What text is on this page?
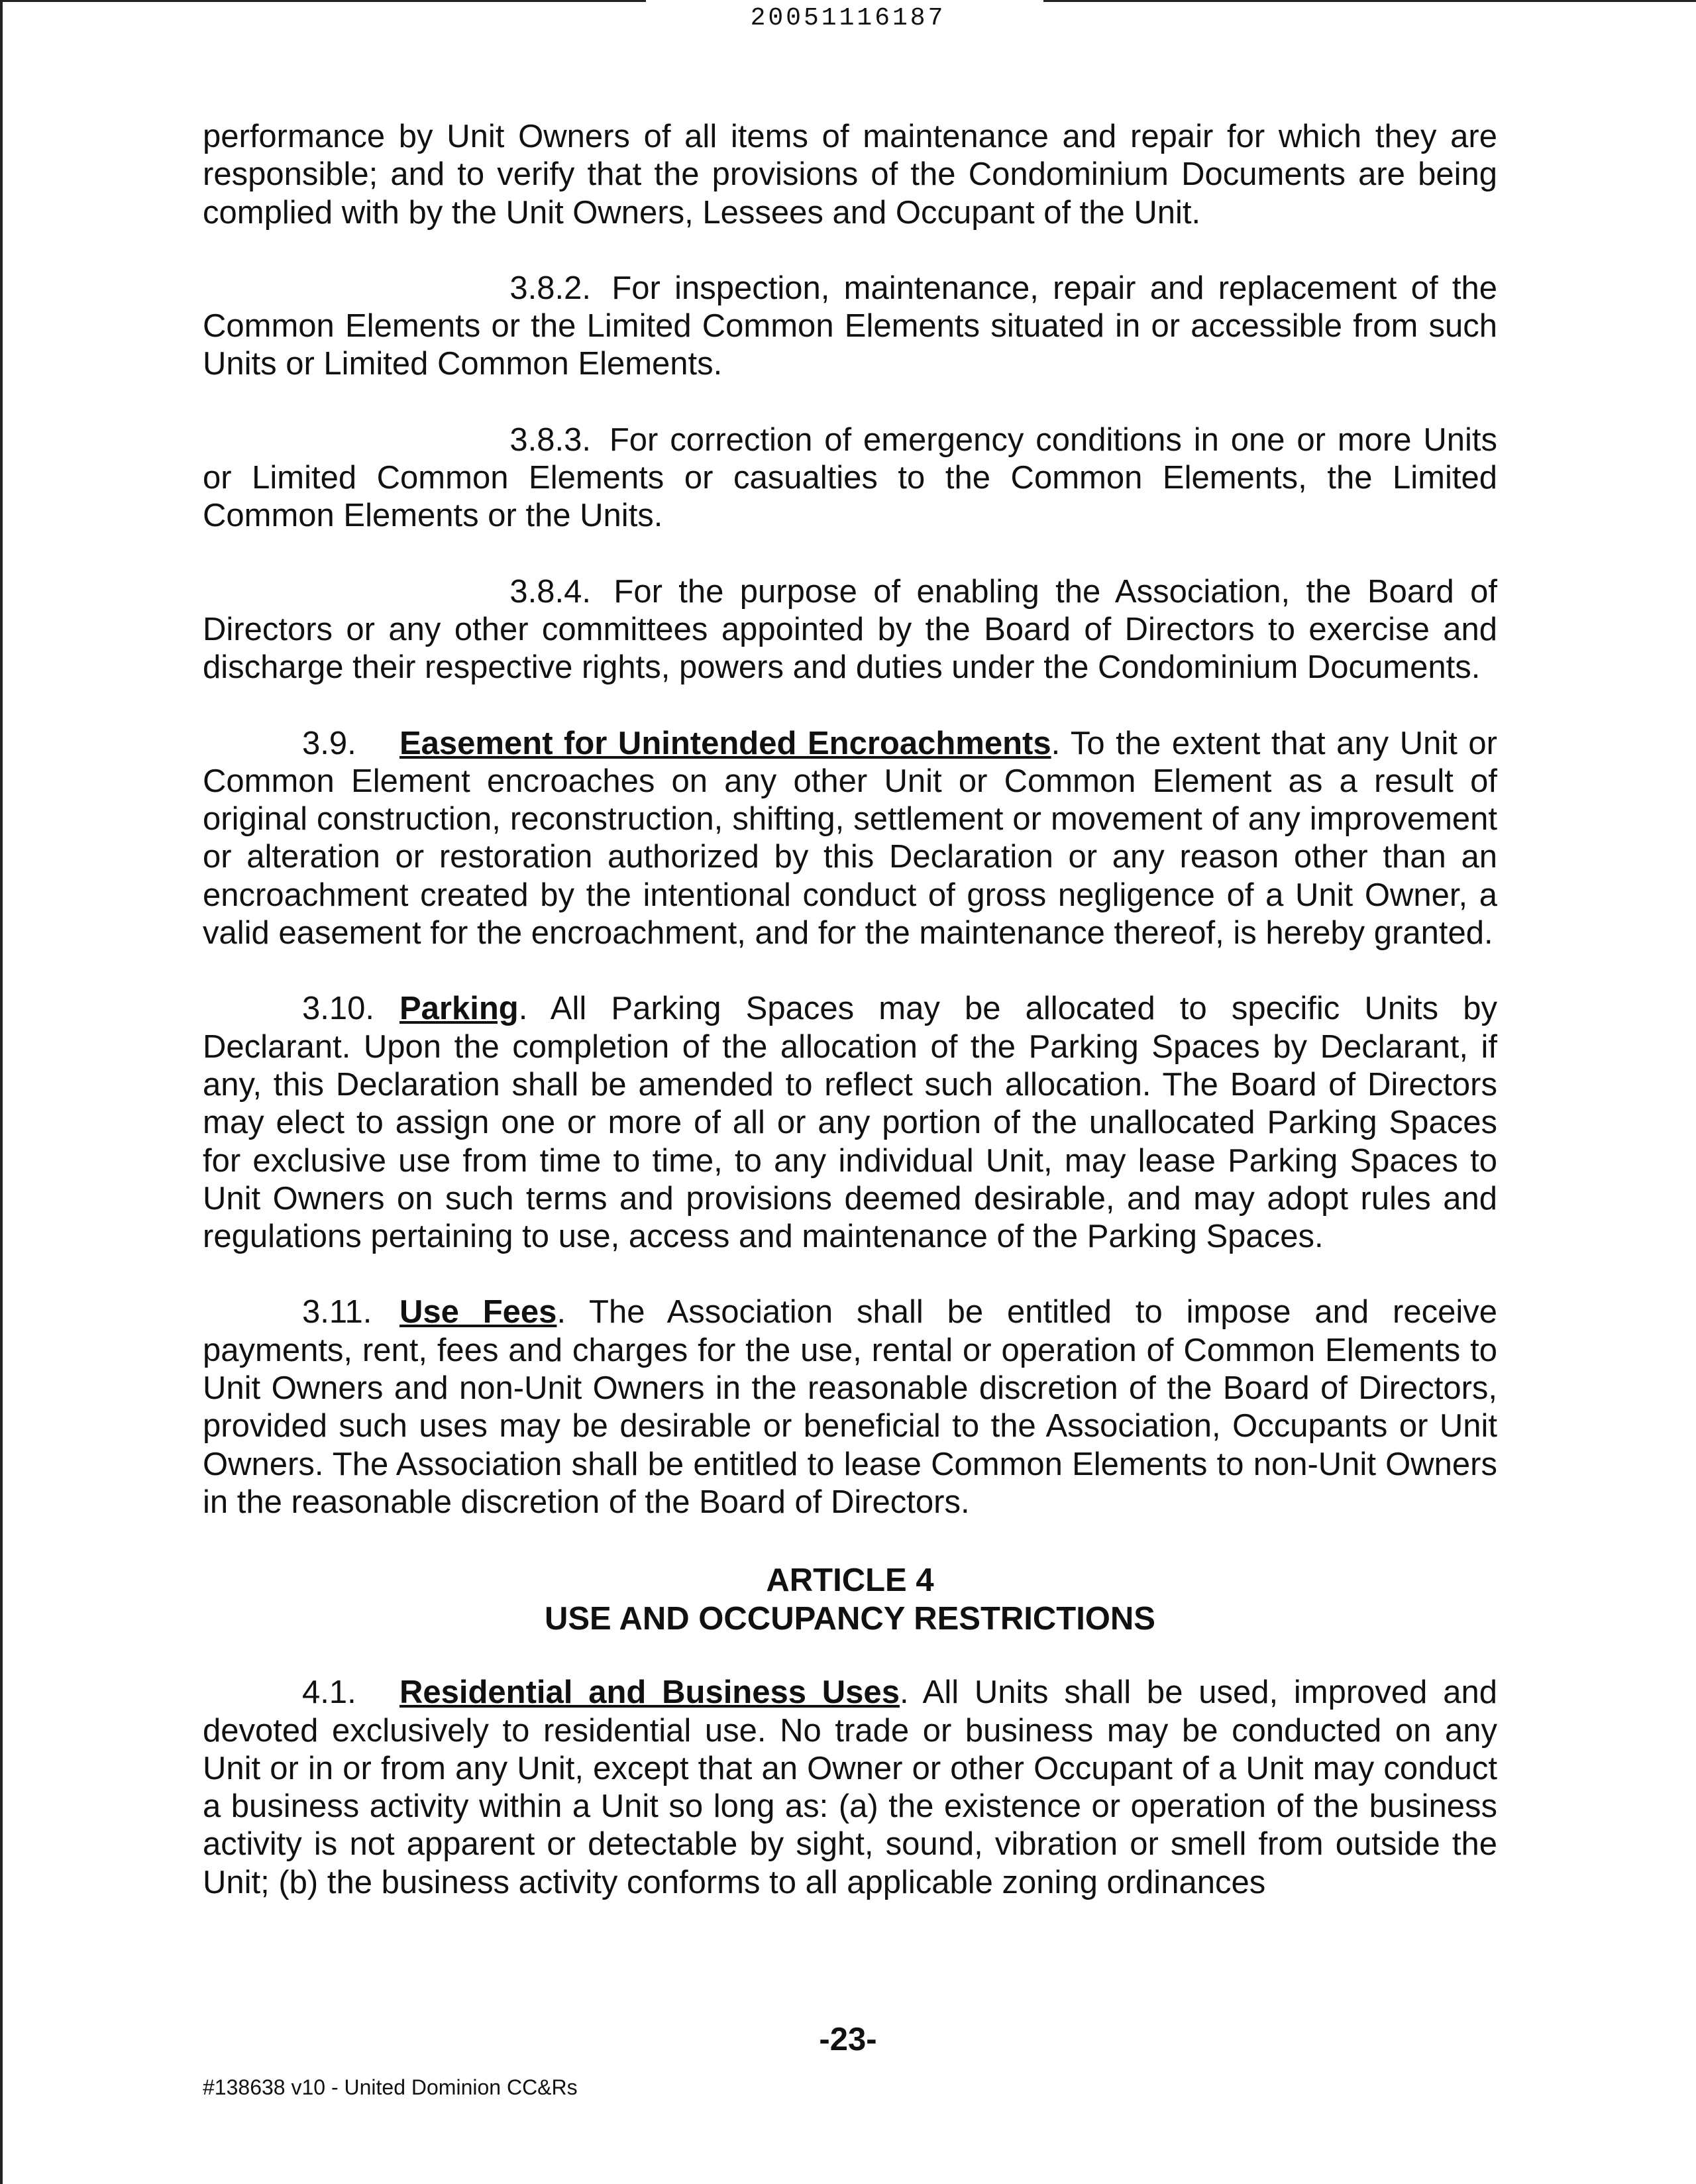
20051116187

performance by Unit Owners of all items of maintenance and repair for which they are responsible; and to verify that the provisions of the Condominium Documents are being complied with by the Unit Owners, Lessees and Occupant of the Unit.

3.8.2. For inspection, maintenance, repair and replacement of the Common Elements or the Limited Common Elements situated in or accessible from such Units or Limited Common Elements.

3.8.3. For correction of emergency conditions in one or more Units or Limited Common Elements or casualties to the Common Elements, the Limited Common Elements or the Units.

3.8.4. For the purpose of enabling the Association, the Board of Directors or any other committees appointed by the Board of Directors to exercise and discharge their respective rights, powers and duties under the Condominium Documents.

3.9. Easement for Unintended Encroachments. To the extent that any Unit or Common Element encroaches on any other Unit or Common Element as a result of original construction, reconstruction, shifting, settlement or movement of any improvement or alteration or restoration authorized by this Declaration or any reason other than an encroachment created by the intentional conduct of gross negligence of a Unit Owner, a valid easement for the encroachment, and for the maintenance thereof, is hereby granted.

3.10. Parking. All Parking Spaces may be allocated to specific Units by Declarant. Upon the completion of the allocation of the Parking Spaces by Declarant, if any, this Declaration shall be amended to reflect such allocation. The Board of Directors may elect to assign one or more of all or any portion of the unallocated Parking Spaces for exclusive use from time to time, to any individual Unit, may lease Parking Spaces to Unit Owners on such terms and provisions deemed desirable, and may adopt rules and regulations pertaining to use, access and maintenance of the Parking Spaces.

3.11. Use Fees. The Association shall be entitled to impose and receive payments, rent, fees and charges for the use, rental or operation of Common Elements to Unit Owners and non-Unit Owners in the reasonable discretion of the Board of Directors, provided such uses may be desirable or beneficial to the Association, Occupants or Unit Owners. The Association shall be entitled to lease Common Elements to non-Unit Owners in the reasonable discretion of the Board of Directors.

ARTICLE 4
USE AND OCCUPANCY RESTRICTIONS

4.1. Residential and Business Uses. All Units shall be used, improved and devoted exclusively to residential use. No trade or business may be conducted on any Unit or in or from any Unit, except that an Owner or other Occupant of a Unit may conduct a business activity within a Unit so long as: (a) the existence or operation of the business activity is not apparent or detectable by sight, sound, vibration or smell from outside the Unit; (b) the business activity conforms to all applicable zoning ordinances

-23-
#138638 v10 - United Dominion CC&Rs
